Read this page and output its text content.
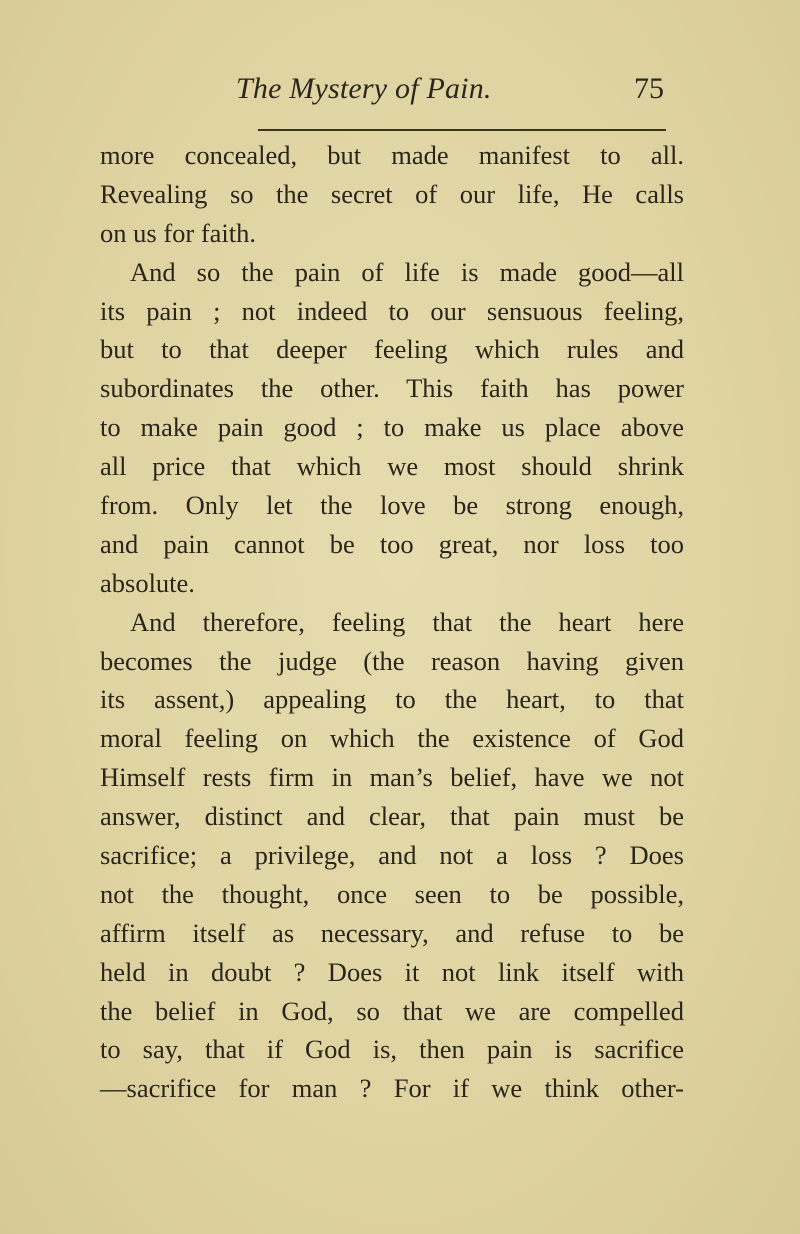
The Mystery of Pain.	75
more concealed, but made manifest to all.
Revealing so the secret of our life, He calls
on us for faith.
And so the pain of life is made good—all
its pain ; not indeed to our sensuous feeling,
but to that deeper feeling which rules and
subordinates the other. This faith has power
to make pain good ; to make us place above
all price that which we most should shrink
from. Only let the love be strong enough,
and pain cannot be too great, nor loss too
absolute.
And therefore, feeling that the heart here
becomes the judge (the reason having given
its assent,) appealing to the heart, to that
moral feeling on which the existence of God
Himself rests firm in man’s belief, have we not
answer, distinct and clear, that pain must be
sacrifice; a privilege, and not a loss ? Does
not the thought, once seen to be possible,
affirm itself as necessary, and refuse to be
held in doubt ? Does it not link itself with
the belief in God, so that we are compelled
to say, that if God is, then pain is sacrifice
—sacrifice for man ? For if we think other-
